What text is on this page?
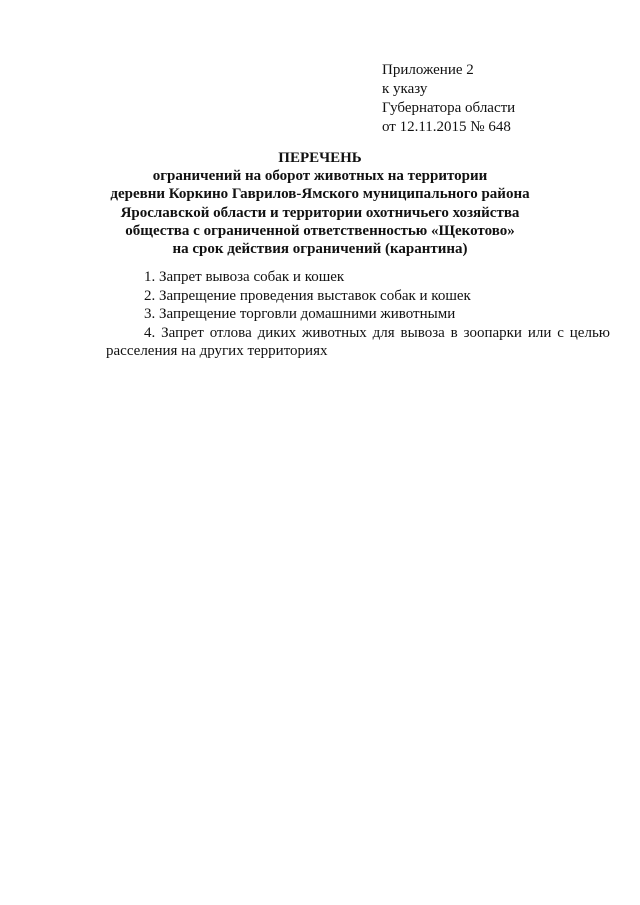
Приложение 2
к указу
Губернатора области
от 12.11.2015 № 648
ПЕРЕЧЕНЬ
ограничений на оборот животных на территории
деревни Коркино Гаврилов-Ямского муниципального района
Ярославской области и территории охотничьего хозяйства
общества с ограниченной ответственностью «Щекотово»
на срок действия ограничений (карантина)
1. Запрет вывоза собак и кошек
2. Запрещение проведения выставок собак и кошек
3. Запрещение торговли домашними животными
4. Запрет отлова диких животных для вывоза в зоопарки или с целью расселения на других территориях
